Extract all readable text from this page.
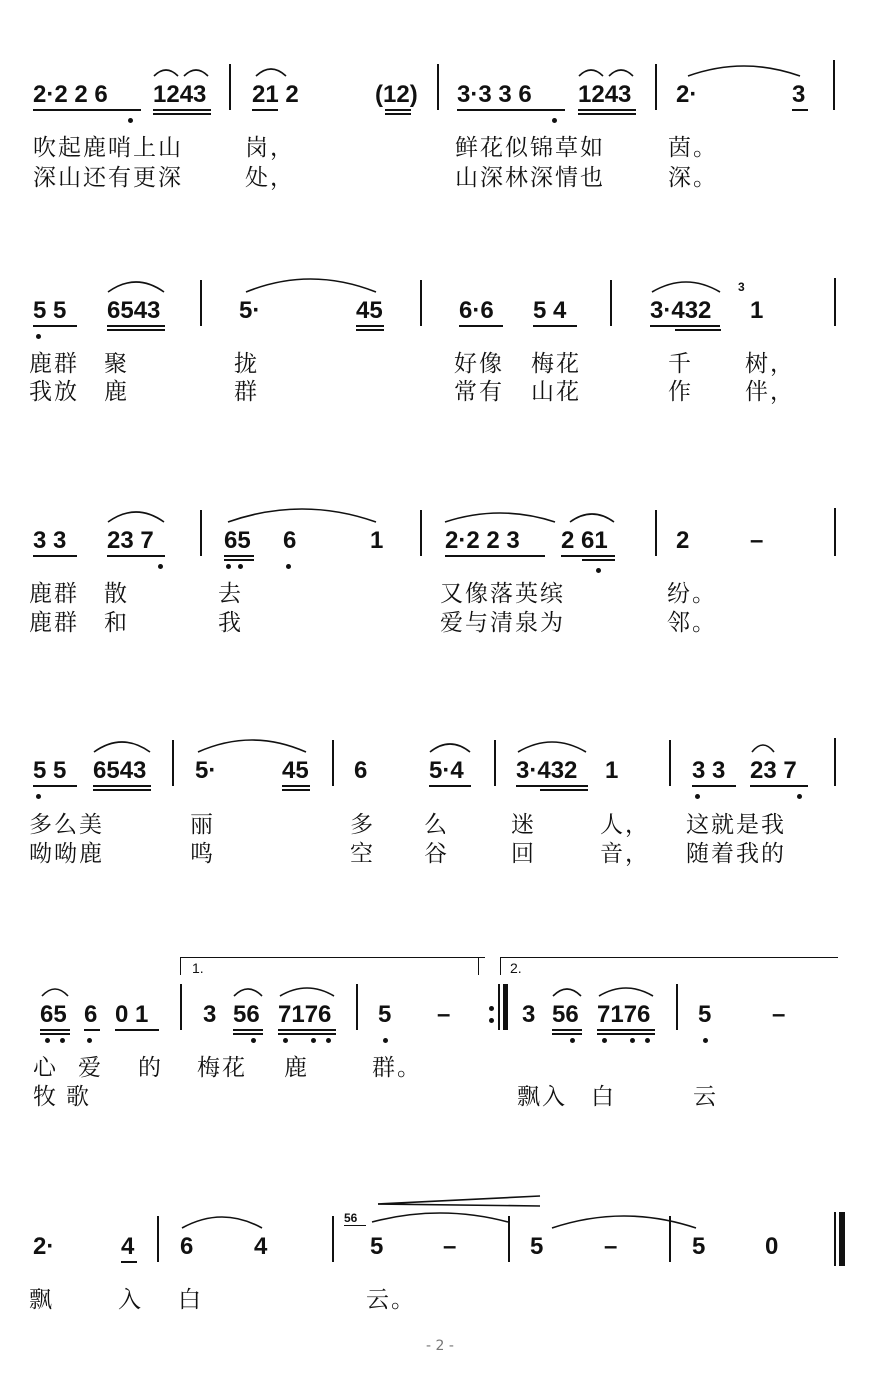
2·2 2 6 1243 21 2	(12) 3·3 3 6 1243 2·	3
吹起鹿哨上山	岗，	鲜花似锦草如	茵。
深山还有更深	处，	山深林深情也	深。
5 5 6543	5·	45	6·6 5 4	3·432
3
1
鹿群 聚	拢	好像 梅花	千 树，
我放 鹿	群	常有 山花	作 伴，
3 3 23 7	65 6	1	2·2 2 3 2 61	2	–
鹿群 散	去	又像落英缤	纷。
鹿群 和	我	爱与清泉为	邻。
5 5 6543 5·	45 6	5·4 3·432 1	3 3 23 7
多么美	丽	多 么	迷	人， 这就是我
呦呦鹿	鸣	空 谷	回	音， 随着我的
1.	2.
65 6 0 1 3 56 7176 5 –	3 56 7176 5	–
心 爱 的 梅花 鹿	群。
牧 歌	飘入 白	云
2·	4 6	4
56
5 –	5	–	5 0
飘	入 白	云。
- 2 -
